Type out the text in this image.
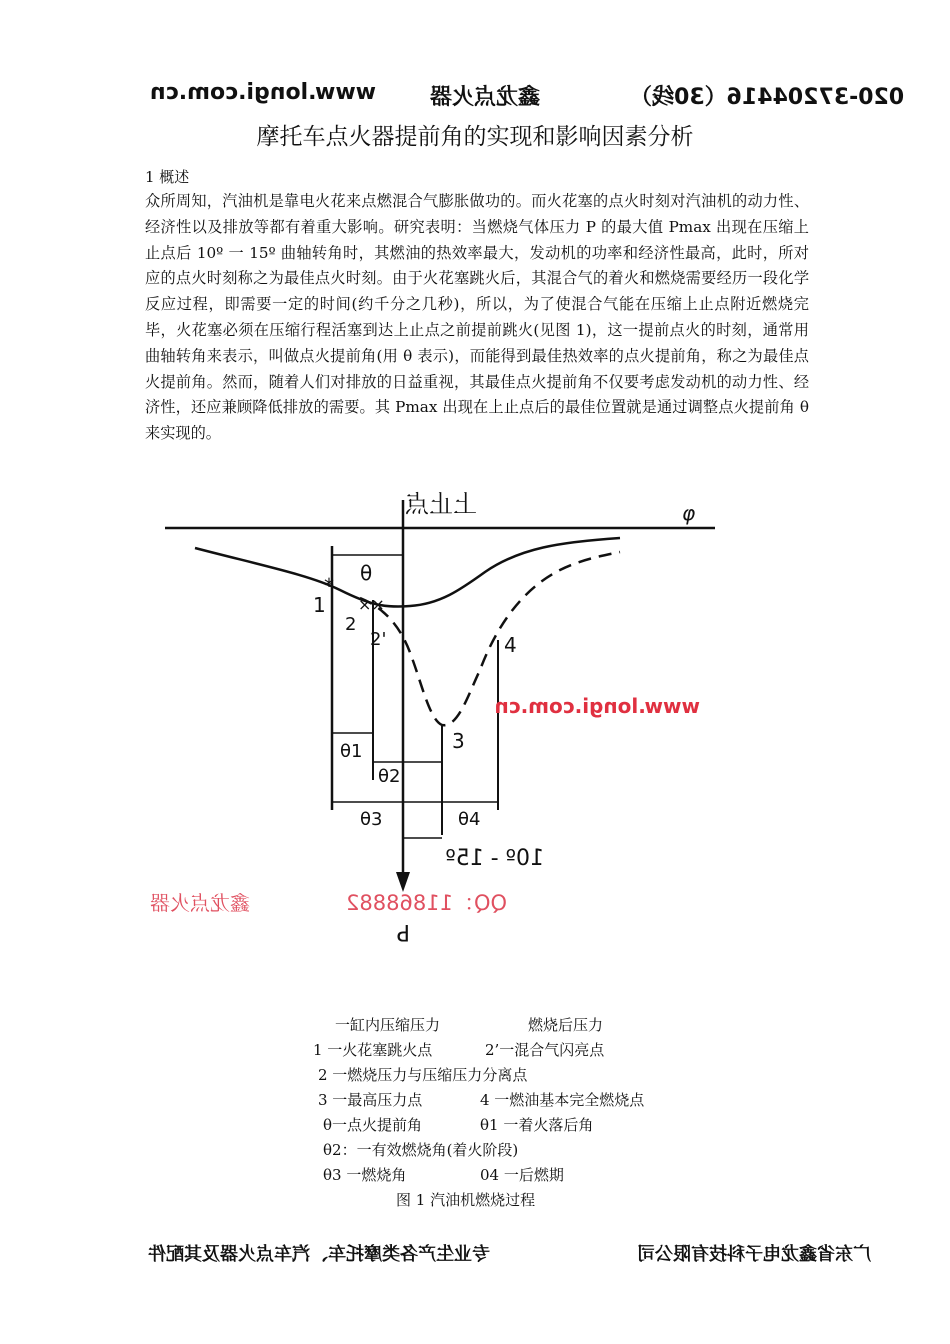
www.longi.com.cn 鑫龙点火器	020-37204416（30线）
摩托车点火器提前角的实现和影响因素分析
1 概述

众所周知，汽油机是靠电火花来点燃混合气膨胀做功的。而火花塞的点火时刻对汽油机的动力性、经济性以及排放等都有着重大影响。研究表明：当燃烧气体压力 P 的最大值 Pmax 出现在压缩上止点后 10º 一 15º 曲轴转角时，其燃油的热效率最大，发动机的功率和经济性最高，此时，所对应的点火时刻称之为最佳点火时刻。由于火花塞跳火后，其混合气的着火和燃烧需要经历一段化学反应过程，即需要一定的时间(约千分之几秒)，所以，为了使混合气能在压缩上止点附近燃烧完毕，火花塞必须在压缩行程活塞到达上止点之前提前跳火(见图 1)，这一提前点火的时刻，通常用曲轴转角来表示，叫做点火提前角(用 θ 表示)，而能得到最佳热效率的点火提前角，称之为最佳点火提前角。然而，随着人们对排放的日益重视，其最佳点火提前角不仅要考虑发动机的动力性、经济性，还应兼顾降低排放的需要。其 Pmax 出现在上止点后的最佳位置就是通过调整点火提前角 θ 来实现的。

φ
上止点
P
*
××
1
2
2'
3
4
θ
θ1
θ2
θ3	θ4
10º - 15º
www.longi.com.cn
鑫龙点火器	QQ：11868882
一缸内压缩压力	燃烧后压力
1 一火花塞跳火点	2’一混合气闪亮点
2 一燃烧压力与压缩压力分离点
3 一最高压力点	4 一燃油基本完全燃烧点
θ一点火提前角	θ1 一着火落后角
θ2：一有效燃烧角(着火阶段)
θ3 一燃烧角	04 一后燃期
图 1 汽油机燃烧过程
专业生产各类摩托车、汽车点火器及其配件	广东省鑫龙电子科技有限公司
